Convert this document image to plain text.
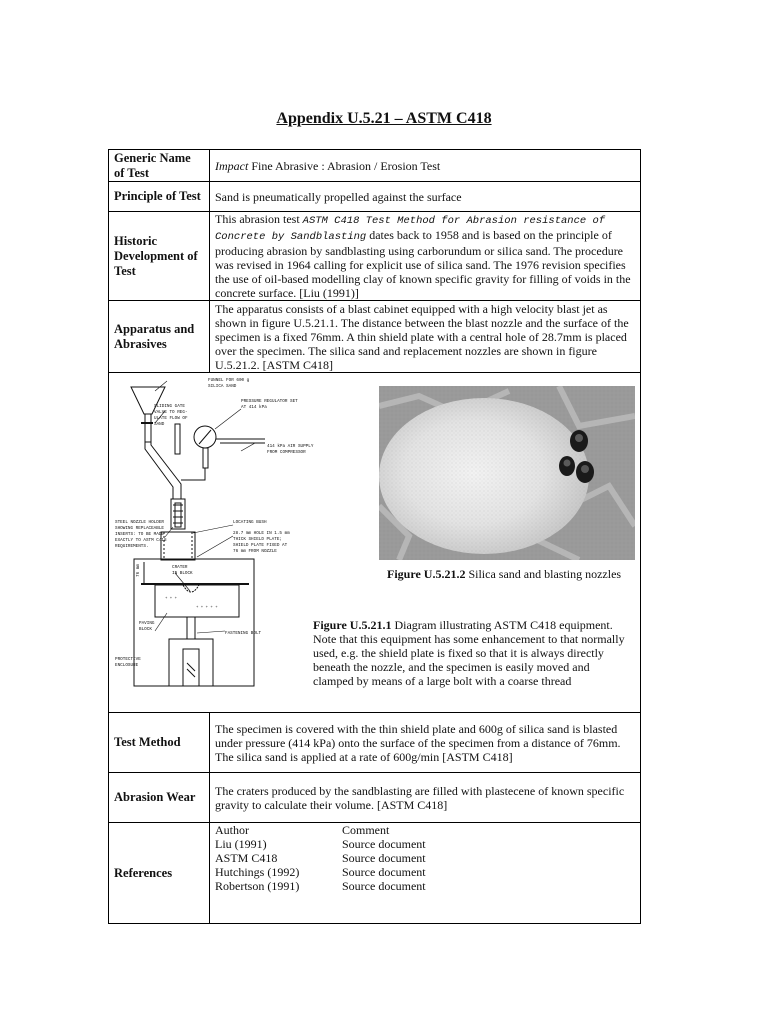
Appendix U.5.21 – ASTM C418
Generic Name of Test	Impact Fine Abrasive : Abrasion / Erosion Test
Principle of Test	Sand is pneumatically propelled against the surface
Historic Development of Test	This abrasion test ASTM C418 Test Method for Abrasion resistance of Concrete by Sandblasting dates back to 1958 and is based on the principle of producing abrasion by sandblasting using carborundum or silica sand. The procedure was revised in 1964 calling for explicit use of silica sand. The 1976 revision specifies the use of oil-based modelling clay of known specific gravity for filling of voids in the concrete surface. [Liu (1991)]
Apparatus and Abrasives	The apparatus consists of a blast cabinet equipped with a high velocity blast jet as shown in figure U.5.21.1. The distance between the blast nozzle and the surface of the specimen is a fixed 76mm. A thin shield plate with a central hole of 28.7mm is placed over the specimen. The silica sand and replacement nozzles are shown in figure U.5.21.2. [ASTM C418]

+ + + + +
+ + +
FUNNEL FOR 600 g
SILICA SAND
SLIDING GATE
VALVE TO REG-
ULATE FLOW OF
SAND
PRESSURE REGULATOR SET
AT 414 kPa
414 kPa AIR SUPPLY
FROM COMPRESSOR
STEEL NOZZLE HOLDER
SHOWING REPLACEABLE
INSERTS: TO BE MADE
EXACTLY TO ASTM C418
REQUIREMENTS.
LOCATING BUSH
28.7 mm HOLE IN 1.5 mm
THICK SHIELD PLATE;
SHIELD PLATE FIXED AT
76 mm FROM NOZZLE
CRATER
IN BLOCK
76 mm
PAVING
BLOCK
FASTENING BOLT
PROTECTIVE
ENCLOSURE
Figure U.5.21.2 Silica sand and blasting nozzles
Figure U.5.21.1 Diagram illustrating ASTM C418 equipment. Note that this equipment has some enhancement to that normally used, e.g. the shield plate is fixed so that it is always directly beneath the nozzle, and the specimen is easily moved and clamped by means of a large bolt with a coarse thread

Test Method	The specimen is covered with the thin shield plate and 600g of silica sand is blasted under pressure (414 kPa) onto the surface of the specimen from a distance of 76mm. The silica sand is applied at a rate of 600g/min [ASTM C418]
Abrasion Wear	The craters produced by the sandblasting are filled with plastecene of known specific gravity to calculate their volume. [ASTM C418]
References	
Author	Comment
Liu (1991)	Source document
ASTM C418	Source document
Hutchings (1992)	Source document
Robertson (1991)	Source document
